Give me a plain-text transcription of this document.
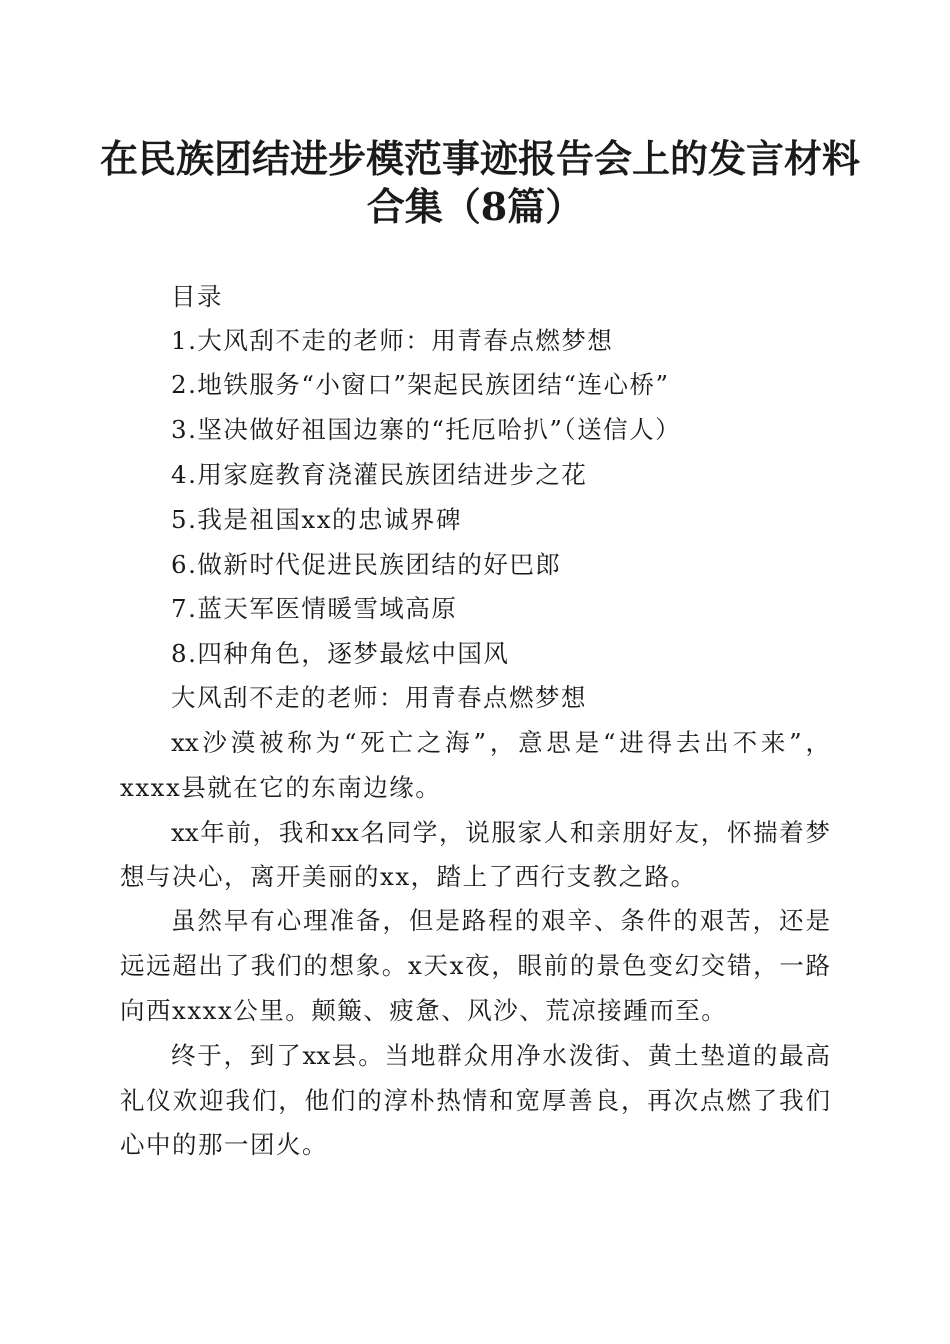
在民族团结进步模范事迹报告会上的发言材料
合集（8篇）
目录
1.大风刮不走的老师：用青春点燃梦想
2.地铁服务“小窗口”架起民族团结“连心桥”
3.坚决做好祖国边寨的“托厄哈扒”（送信人）
4.用家庭教育浇灌民族团结进步之花
5.我是祖国xx的忠诚界碑
6.做新时代促进民族团结的好巴郎
7.蓝天军医情暖雪域高原
8.四种角色，逐梦最炫中国风
大风刮不走的老师：用青春点燃梦想
xx沙漠被称为“死亡之海”，意思是“进得去出不来”，
xxxx县就在它的东南边缘。
xx年前，我和xx名同学，说服家人和亲朋好友，怀揣着梦
想与决心，离开美丽的xx，踏上了西行支教之路。
虽然早有心理准备，但是路程的艰辛、条件的艰苦，还是
远远超出了我们的想象。x天x夜，眼前的景色变幻交错，一路
向西xxxx公里。颠簸、疲惫、风沙、荒凉接踵而至。
终于，到了xx县。当地群众用净水泼街、黄土垫道的最高
礼仪欢迎我们，他们的淳朴热情和宽厚善良，再次点燃了我们
心中的那一团火。
